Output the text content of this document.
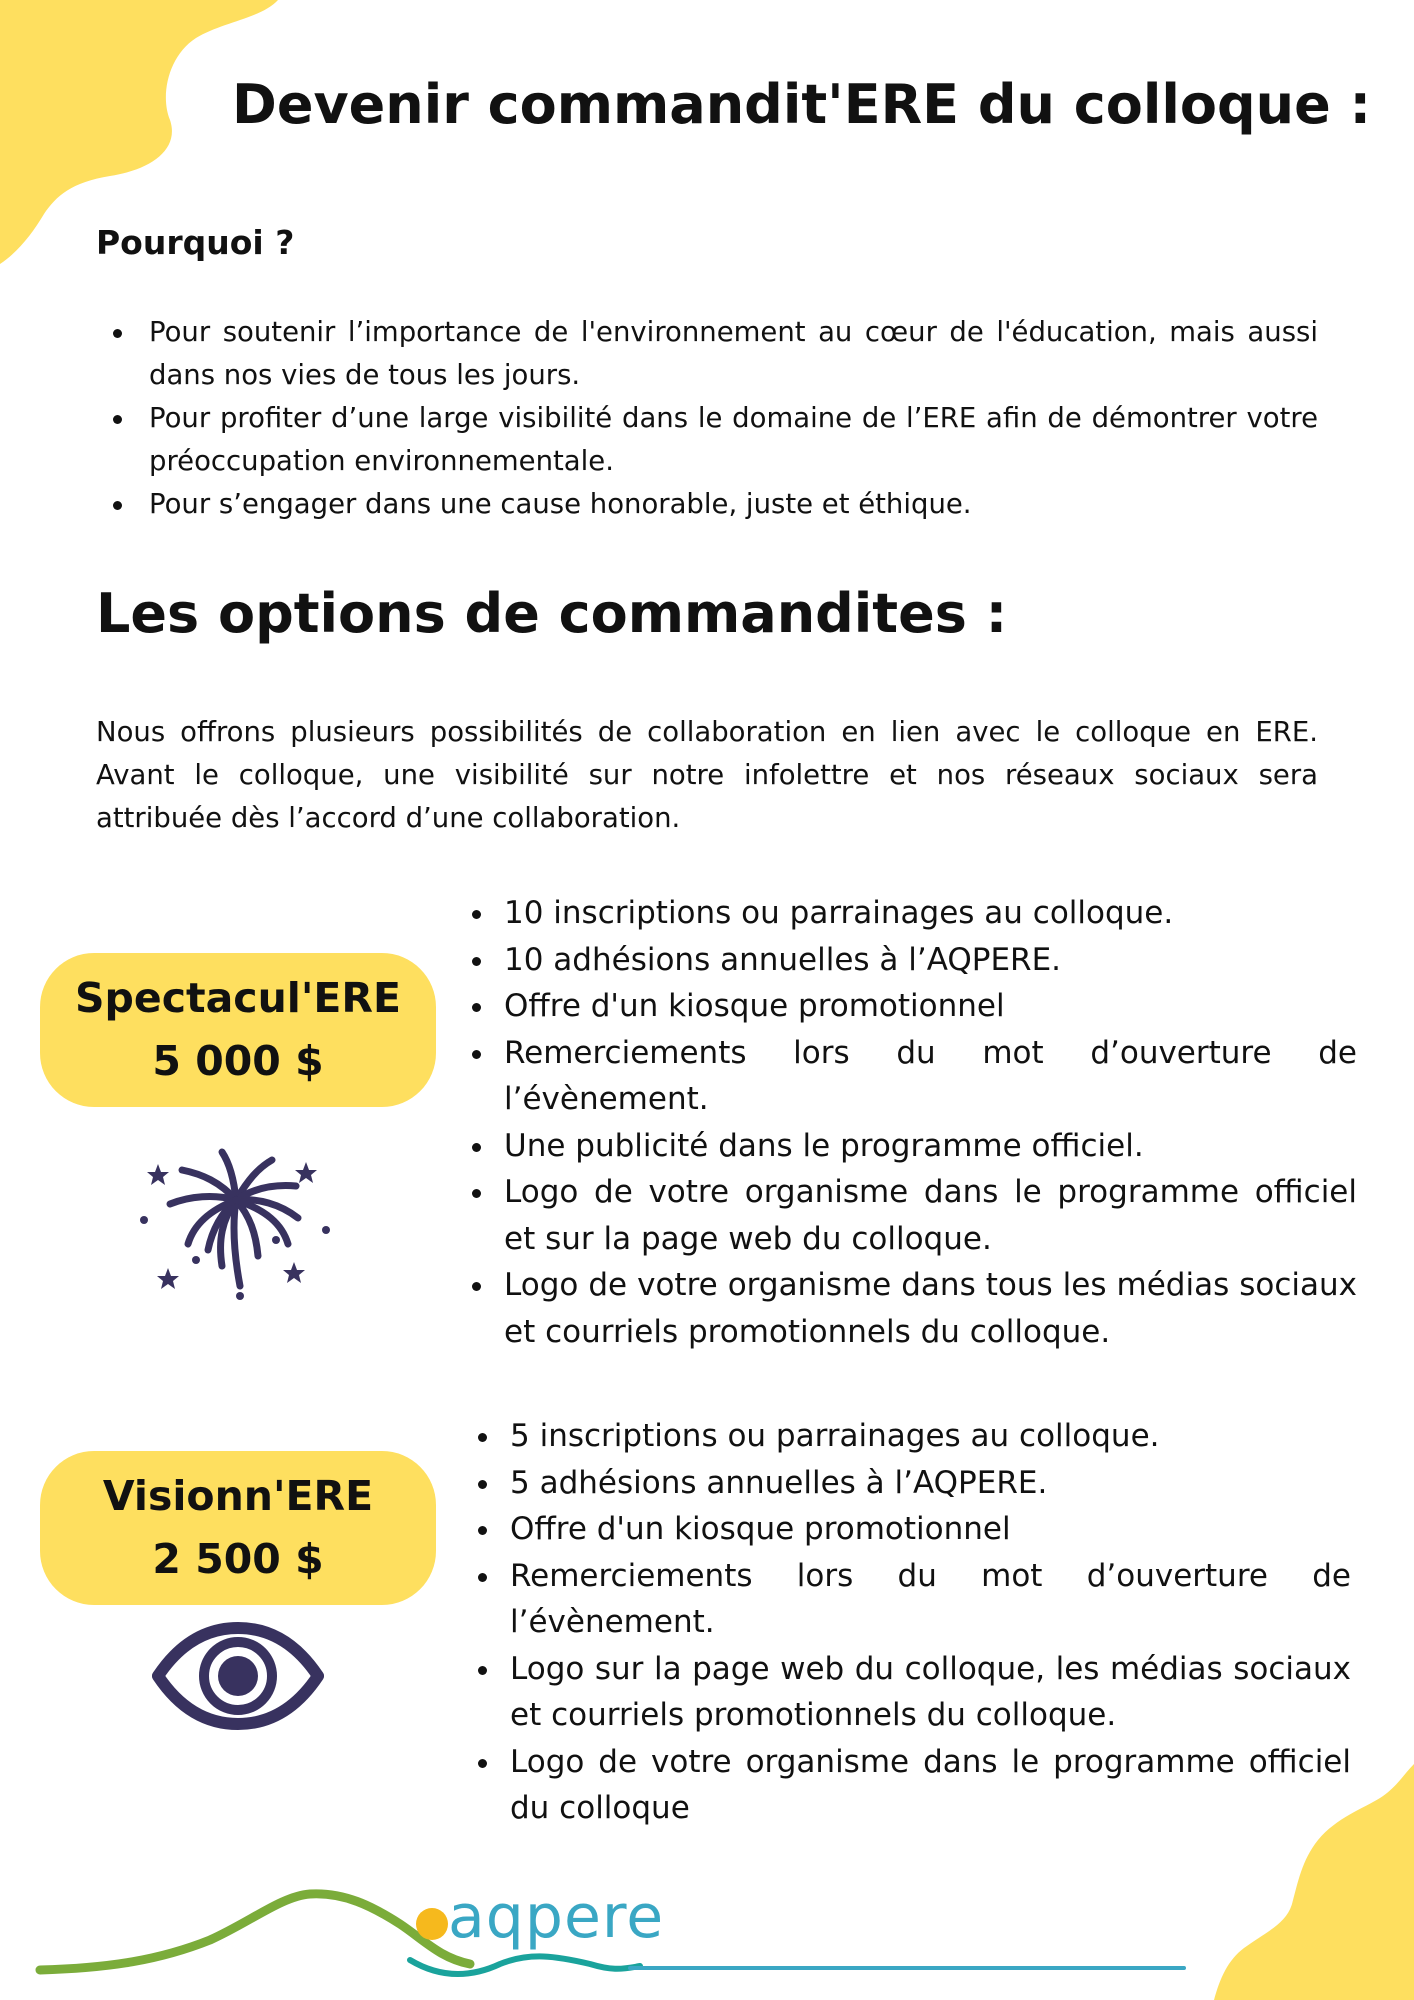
Devenir commandit'ERE du colloque :
Pourquoi ?
Pour soutenir l’importance de l'environnement au cœur de l'éducation, mais aussi dans nos vies de tous les jours.
Pour profiter d’une large visibilité dans le domaine de l’ERE afin de démontrer votre préoccupation environnementale.
Pour s’engager dans une cause honorable, juste et éthique.
Les options de commandites :

Nous offrons plusieurs possibilités de collaboration en lien avec le colloque en ERE. Avant le colloque, une visibilité sur notre infolettre et nos réseaux sociaux sera attribuée dès l’accord d’une collaboration.

Spectacul'ERE
5 000 $
10 inscriptions ou parrainages au colloque.
10 adhésions annuelles à l’AQPERE.
Offre d'un kiosque promotionnel
Remerciements lors du mot d’ouverture de l’évènement.
Une publicité dans le programme officiel.
Logo de votre organisme dans le programme officiel et sur la page web du colloque.
Logo de votre organisme dans tous les médias sociaux et courriels promotionnels du colloque.
Visionn'ERE
2 500 $
5 inscriptions ou parrainages au colloque.
5 adhésions annuelles à l’AQPERE.
Offre d'un kiosque promotionnel
Remerciements lors du mot d’ouverture de l’évènement.
Logo sur la page web du colloque, les médias sociaux et courriels promotionnels du colloque.
Logo de votre organisme dans le programme officiel du colloque
aqpere
